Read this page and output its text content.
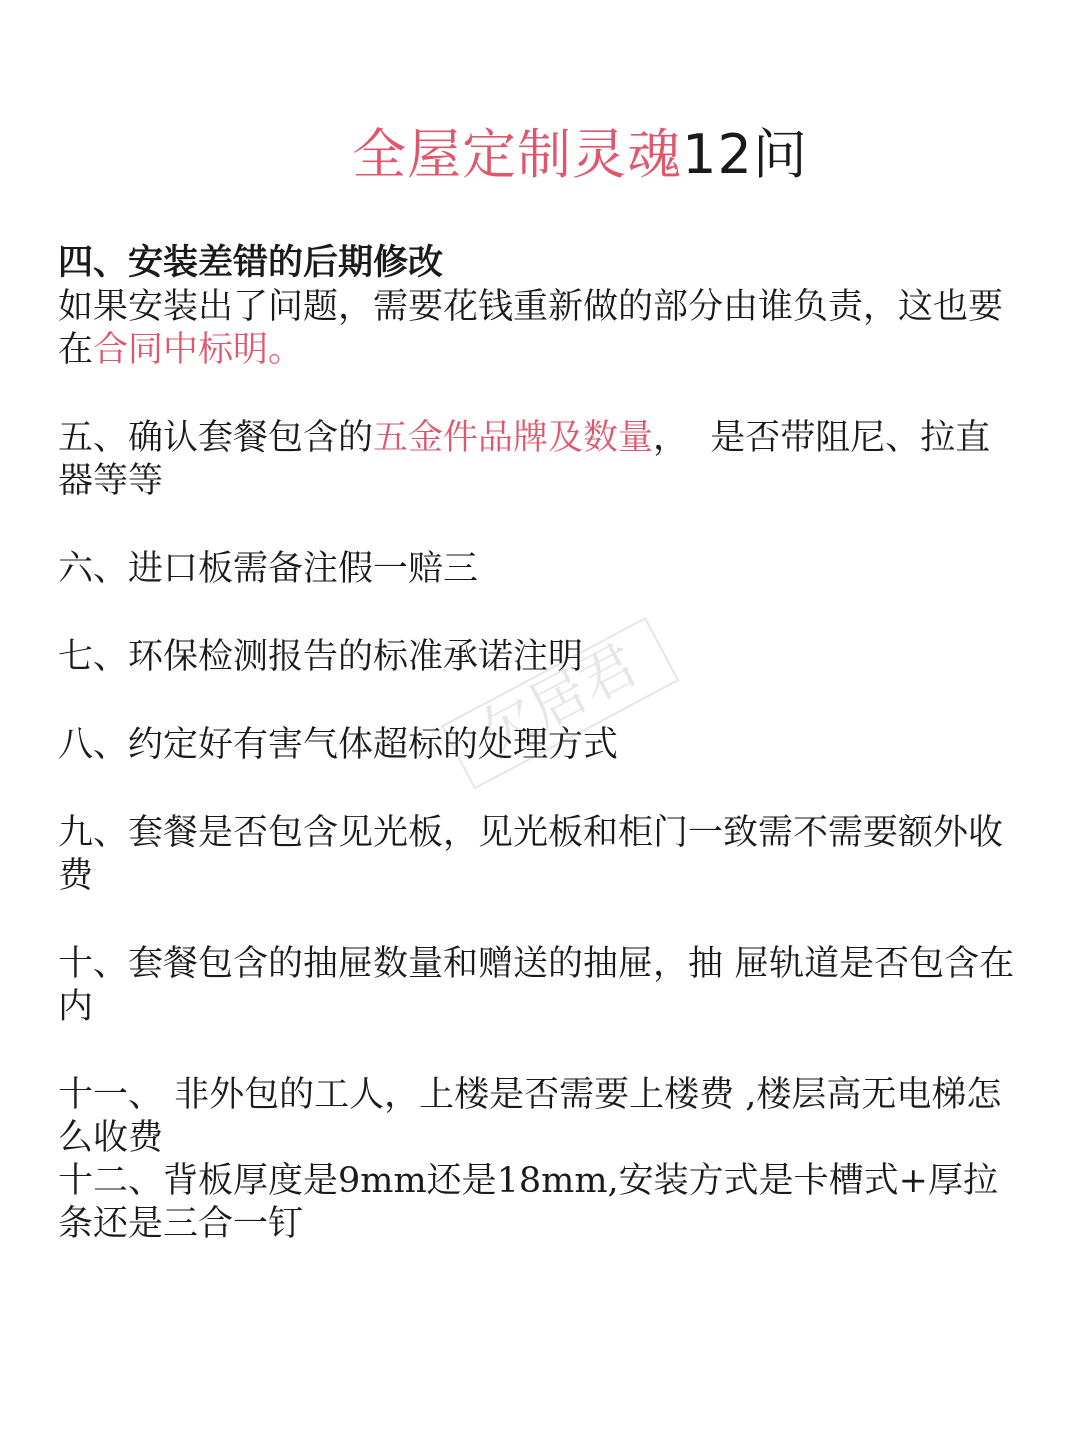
全屋定制灵魂12问

四、安装差错的后期修改

如果安装出了问题，需要花钱重新做的部分由谁负责，这也要在合同中标明。

五、确认套餐包含的五金件品牌及数量，  是否带阻尼、拉直器等等

六、进口板需备注假一赔三

七、环保检测报告的标准承诺注明

八、约定好有害气体超标的处理方式

九、套餐是否包含见光板，见光板和柜门一致需不需要额外收费

十、套餐包含的抽屉数量和赠送的抽屉，抽 屉轨道是否包含在内

十一、 非外包的工人，上楼是否需要上楼费 ,楼层高无电梯怎么收费

十二、背板厚度是9mm还是18mm,安装方式是卡槽式+厚拉条还是三合一钉

欠居君
